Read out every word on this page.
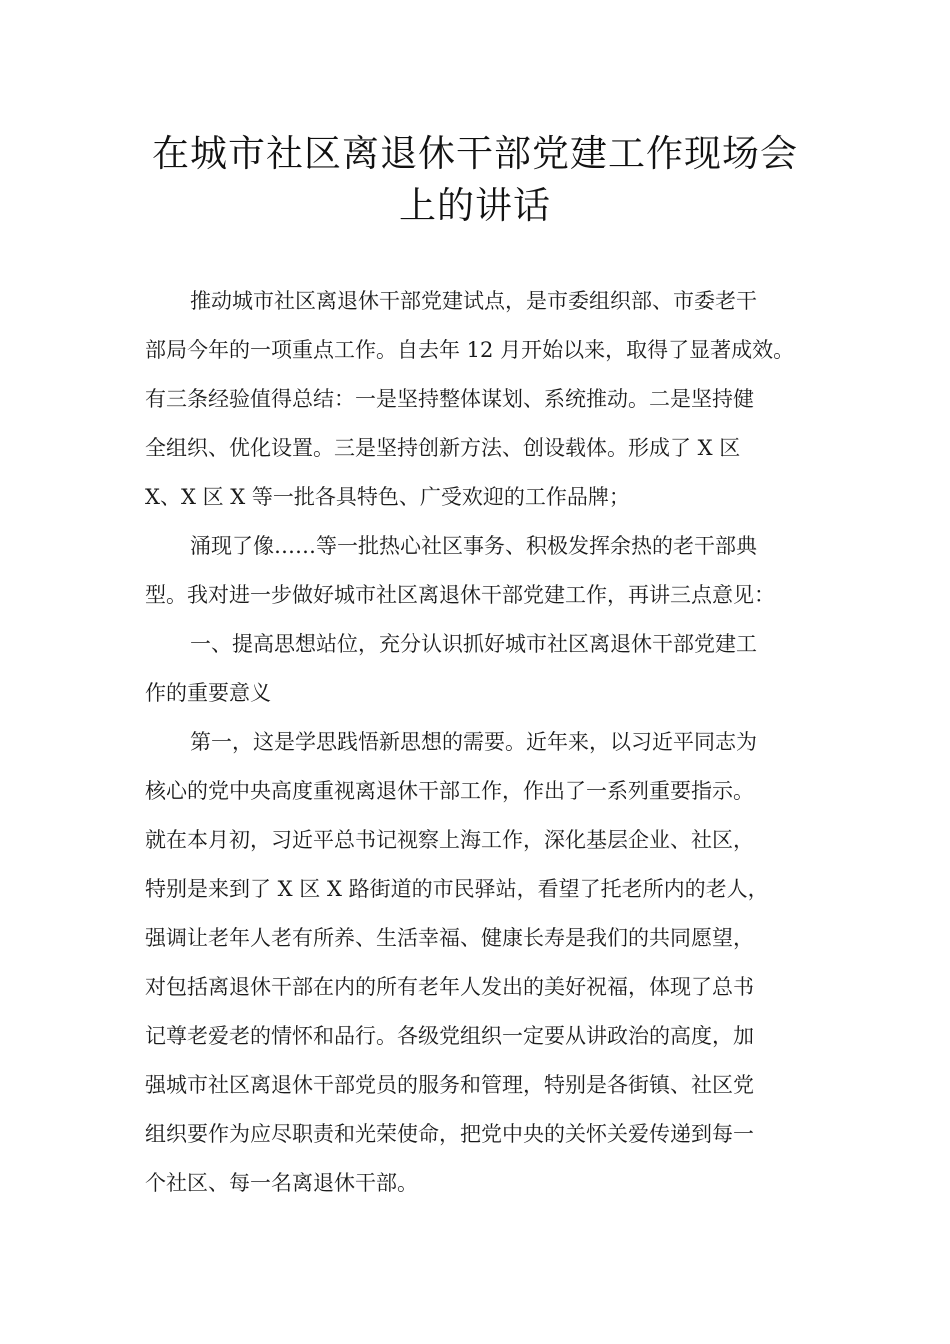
在城市社区离退休干部党建工作现场会
上的讲话
推动城市社区离退休干部党建试点，是市委组织部、市委老干
部局今年的一项重点工作。自去年 12 月开始以来，取得了显著成效。
有三条经验值得总结：一是坚持整体谋划、系统推动。二是坚持健
全组织、优化设置。三是坚持创新方法、创设载体。形成了 X 区
X、X 区 X 等一批各具特色、广受欢迎的工作品牌；
涌现了像……等一批热心社区事务、积极发挥余热的老干部典
型。我对进一步做好城市社区离退休干部党建工作，再讲三点意见：
一、提高思想站位，充分认识抓好城市社区离退休干部党建工
作的重要意义
第一，这是学思践悟新思想的需要。近年来，以习近平同志为
核心的党中央高度重视离退休干部工作，作出了一系列重要指示。
就在本月初，习近平总书记视察上海工作，深化基层企业、社区，
特别是来到了 X 区 X 路街道的市民驿站，看望了托老所内的老人，
强调让老年人老有所养、生活幸福、健康长寿是我们的共同愿望，
对包括离退休干部在内的所有老年人发出的美好祝福，体现了总书
记尊老爱老的情怀和品行。各级党组织一定要从讲政治的高度，加
强城市社区离退休干部党员的服务和管理，特别是各街镇、社区党
组织要作为应尽职责和光荣使命，把党中央的关怀关爱传递到每一
个社区、每一名离退休干部。
